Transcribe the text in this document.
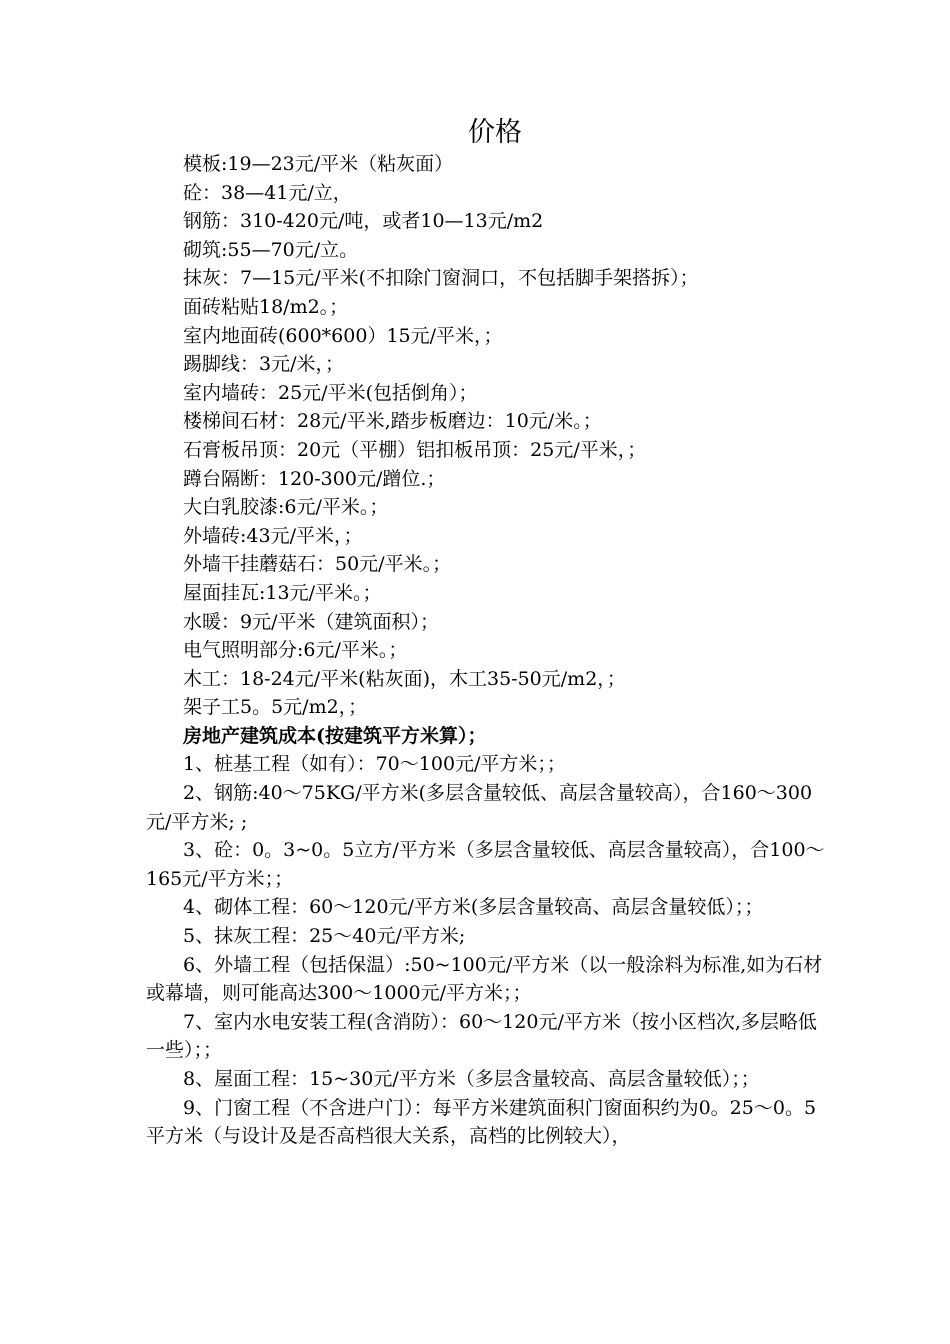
价格
模板:19—23元/平米（粘灰面）
砼：38—41元/立，
钢筋：310-420元/吨，或者10—13元/m2
砌筑:55—70元/立。
抹灰：7—15元/平米(不扣除门窗洞口，不包括脚手架搭拆）；
面砖粘贴18/m2。；
室内地面砖(600*600）15元/平米，；
踢脚线：3元/米，；
室内墙砖：25元/平米(包括倒角）；
楼梯间石材：28元/平米,踏步板磨边：10元/米。；
石膏板吊顶：20元（平棚）铝扣板吊顶：25元/平米，；
蹲台隔断：120-300元/蹭位.；
大白乳胶漆:6元/平米。；
外墙砖:43元/平米，；
外墙干挂蘑菇石：50元/平米。；
屋面挂瓦:13元/平米。；
水暖：9元/平米（建筑面积）；
电气照明部分:6元/平米。；
木工：18-24元/平米(粘灰面)，木工35-50元/m2，；
架子工5。5元/m2，；
房地产建筑成本(按建筑平方米算）；
1、桩基工程（如有）：70～100元/平方米；；
2、钢筋:40～75KG/平方米(多层含量较低、高层含量较高），合160～300元/平方米; ;
3、砼：0。3~0。5立方/平方米（多层含量较低、高层含量较高），合100～165元/平方米；；
4、砌体工程：60～120元/平方米(多层含量较高、高层含量较低）；；
5、抹灰工程：25～40元/平方米;
6、外墙工程（包括保温）:50~100元/平方米（以一般涂料为标准,如为石材或幕墙，则可能高达300～1000元/平方米；；
7、室内水电安装工程(含消防）：60～120元/平方米（按小区档次,多层略低一些）；；
8、屋面工程：15~30元/平方米（多层含量较高、高层含量较低）；；
9、门窗工程（不含进户门）：每平方米建筑面积门窗面积约为0。25～0。5平方米（与设计及是否高档很大关系，高档的比例较大），
